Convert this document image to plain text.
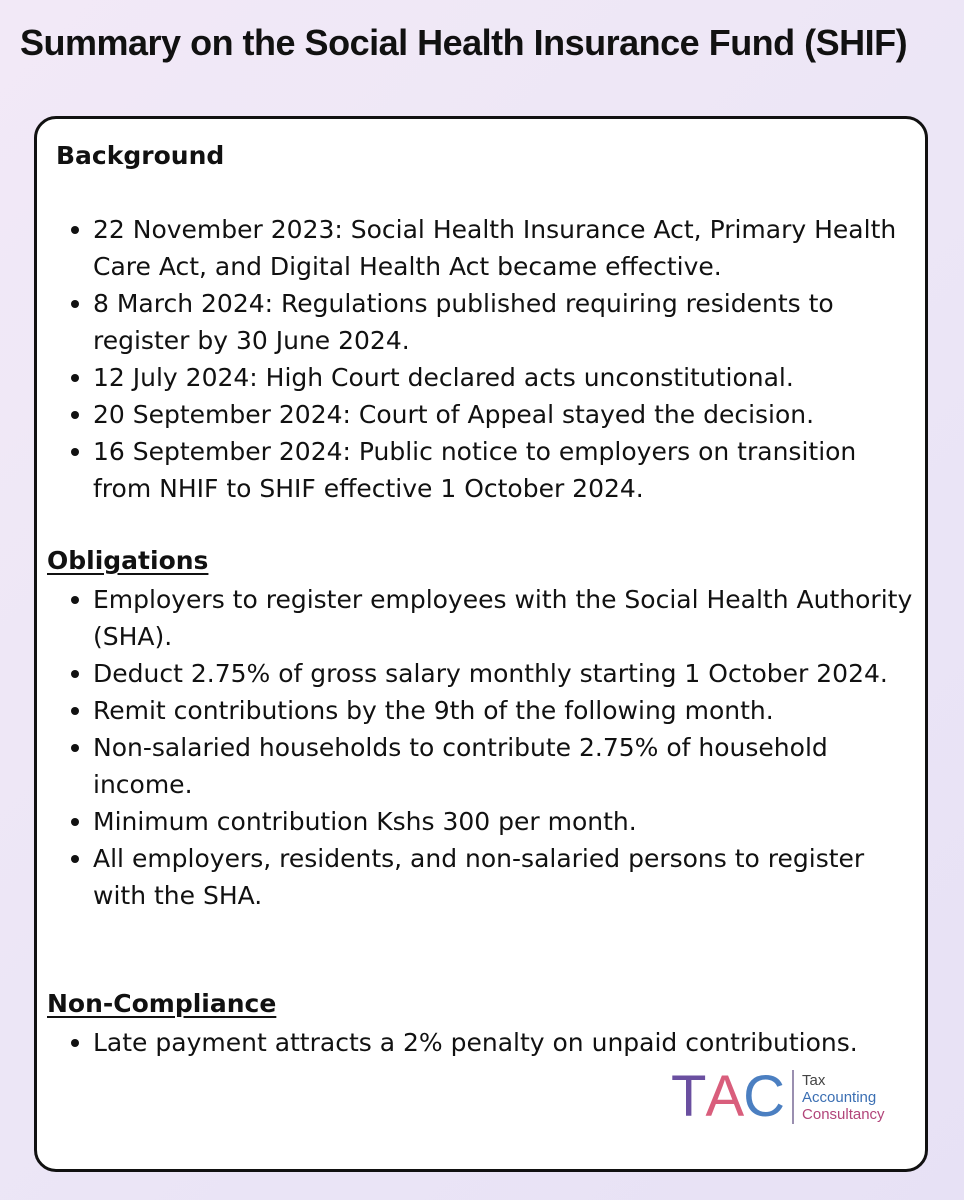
Summary on the Social Health Insurance Fund (SHIF)
Background
22 November 2023: Social Health Insurance Act, Primary Health Care Act, and Digital Health Act became effective.
8 March 2024: Regulations published requiring residents to register by 30 June 2024.
12 July 2024: High Court declared acts unconstitutional.
20 September 2024: Court of Appeal stayed the decision.
16 September 2024: Public notice to employers on transition from NHIF to SHIF effective 1 October 2024.
Obligations
Employers to register employees with the Social Health Authority (SHA).
Deduct 2.75% of gross salary monthly starting 1 October 2024.
Remit contributions by the 9th of the following month.
Non-salaried households to contribute 2.75% of household income.
Minimum contribution Kshs 300 per month.
All employers, residents, and non-salaried persons to register with the SHA.
Non-Compliance
Late payment attracts a 2% penalty on unpaid contributions.
T A C Tax
Accounting
Consultancy
